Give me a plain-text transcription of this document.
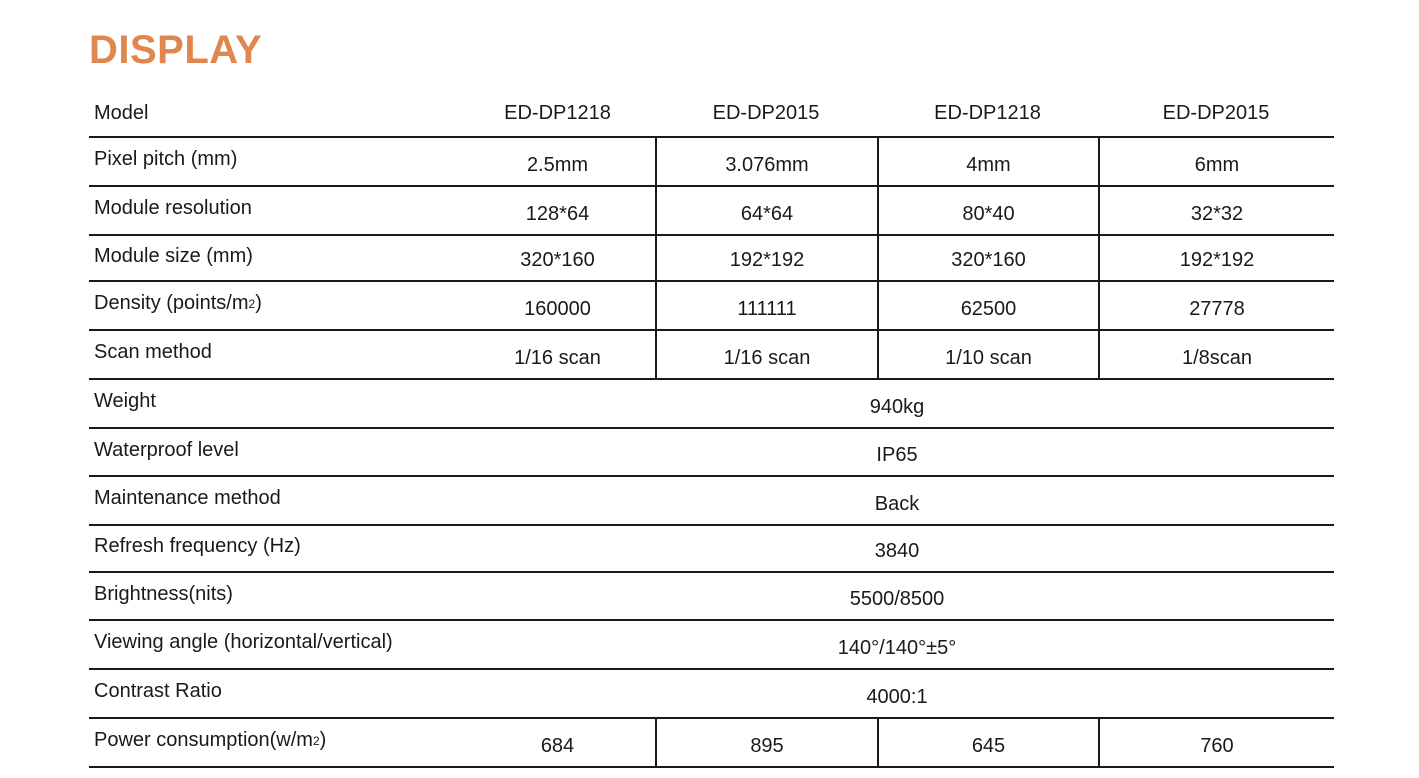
DISPLAY
Model	ED-DP1218	ED-DP2015	ED-DP1218	ED-DP2015
Pixel pitch (mm)	2.5mm	3.076mm	4mm	6mm
Module resolution	128*64	64*64	80*40	32*32
Module size (mm)	320*160	192*192	320*160	192*192
Density (points/m 2 )	160000	111111	62500	27778
Scan method	1/16 scan	1/16 scan	1/10 scan	1/8scan
Weight	940kg
Waterproof level	IP65
Maintenance method	Back
Refresh frequency (Hz)	3840
Brightness(nits)	5500/8500
Viewing angle (horizontal/vertical)	140°/140°±5°
Contrast Ratio	4000:1
Power consumption(w/m 2 )	684	895	645	760
